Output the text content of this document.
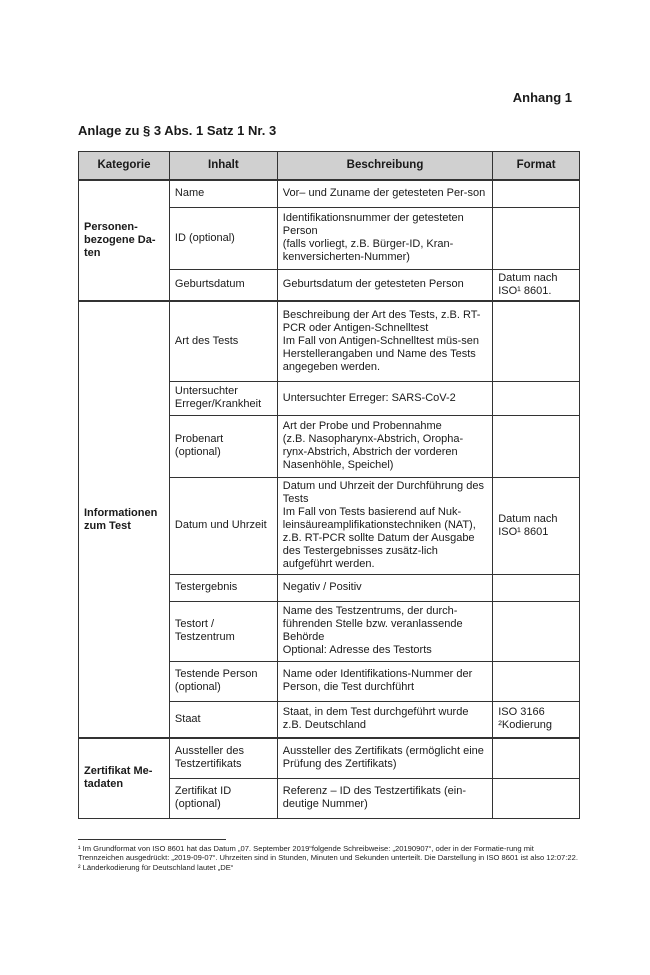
Anhang 1
Anlage zu § 3 Abs. 1 Satz 1 Nr. 3
Kategorie	Inhalt	Beschreibung	Format
Personen-bezogene Da-ten	Name	Vor– und Zuname der getesteten Per-son	
	ID (optional)	Identifikationsnummer der getesteten Person
(falls vorliegt, z.B. Bürger-ID, Kran-kenversicherten-Nummer)	
	Geburtsdatum	Geburtsdatum der getesteten Person	Datum nach ISO¹ 8601.
Informationen zum Test	Art des Tests	Beschreibung der Art des Tests, z.B. RT-PCR oder Antigen-Schnelltest
Im Fall von Antigen-Schnelltest müs-sen Herstellerangaben und Name des Tests angegeben werden.	
	Untersuchter Erreger/Krankheit	Untersuchter Erreger: SARS-CoV-2	
	Probenart (optional)	Art der Probe und Probennahme
(z.B. Nasopharynx-Abstrich, Oropha-rynx-Abstrich, Abstrich der vorderen Nasenhöhle, Speichel)	
	Datum und Uhrzeit	Datum und Uhrzeit der Durchführung des Tests
Im Fall von Tests basierend auf Nuk-leinsäureamplifikationstechniken (NAT), z.B. RT-PCR sollte Datum der Ausgabe des Testergebnisses zusätz-lich aufgeführt werden.	Datum nach ISO¹ 8601
	Testergebnis	Negativ / Positiv	
	Testort / Testzentrum	Name des Testzentrums, der durch-führenden Stelle bzw. veranlassende Behörde
Optional: Adresse des Testorts	
	Testende Person (optional)	Name oder Identifikations-Nummer der Person, die Test durchführt	
	Staat	Staat, in dem Test durchgeführt wurde z.B. Deutschland	ISO 3166 ²Kodierung
Zertifikat Me-tadaten	Aussteller des Testzertifikats	Aussteller des Zertifikats (ermöglicht eine Prüfung des Zertifikats)	
	Zertifikat ID (optional)	Referenz – ID des Testzertifikats (ein-deutige Nummer)	

¹ Im Grundformat von ISO 8601 hat das Datum „07. September 2019“folgende Schreibweise: „20190907“, oder in der Formatie-rung mit Trennzeichen ausgedrückt: „2019-09-07“. Uhrzeiten sind in Stunden, Minuten und Sekunden unterteilt. Die Darstellung in ISO 8601 ist also 12:07:22.

² Länderkodierung für Deutschland lautet „DE“
